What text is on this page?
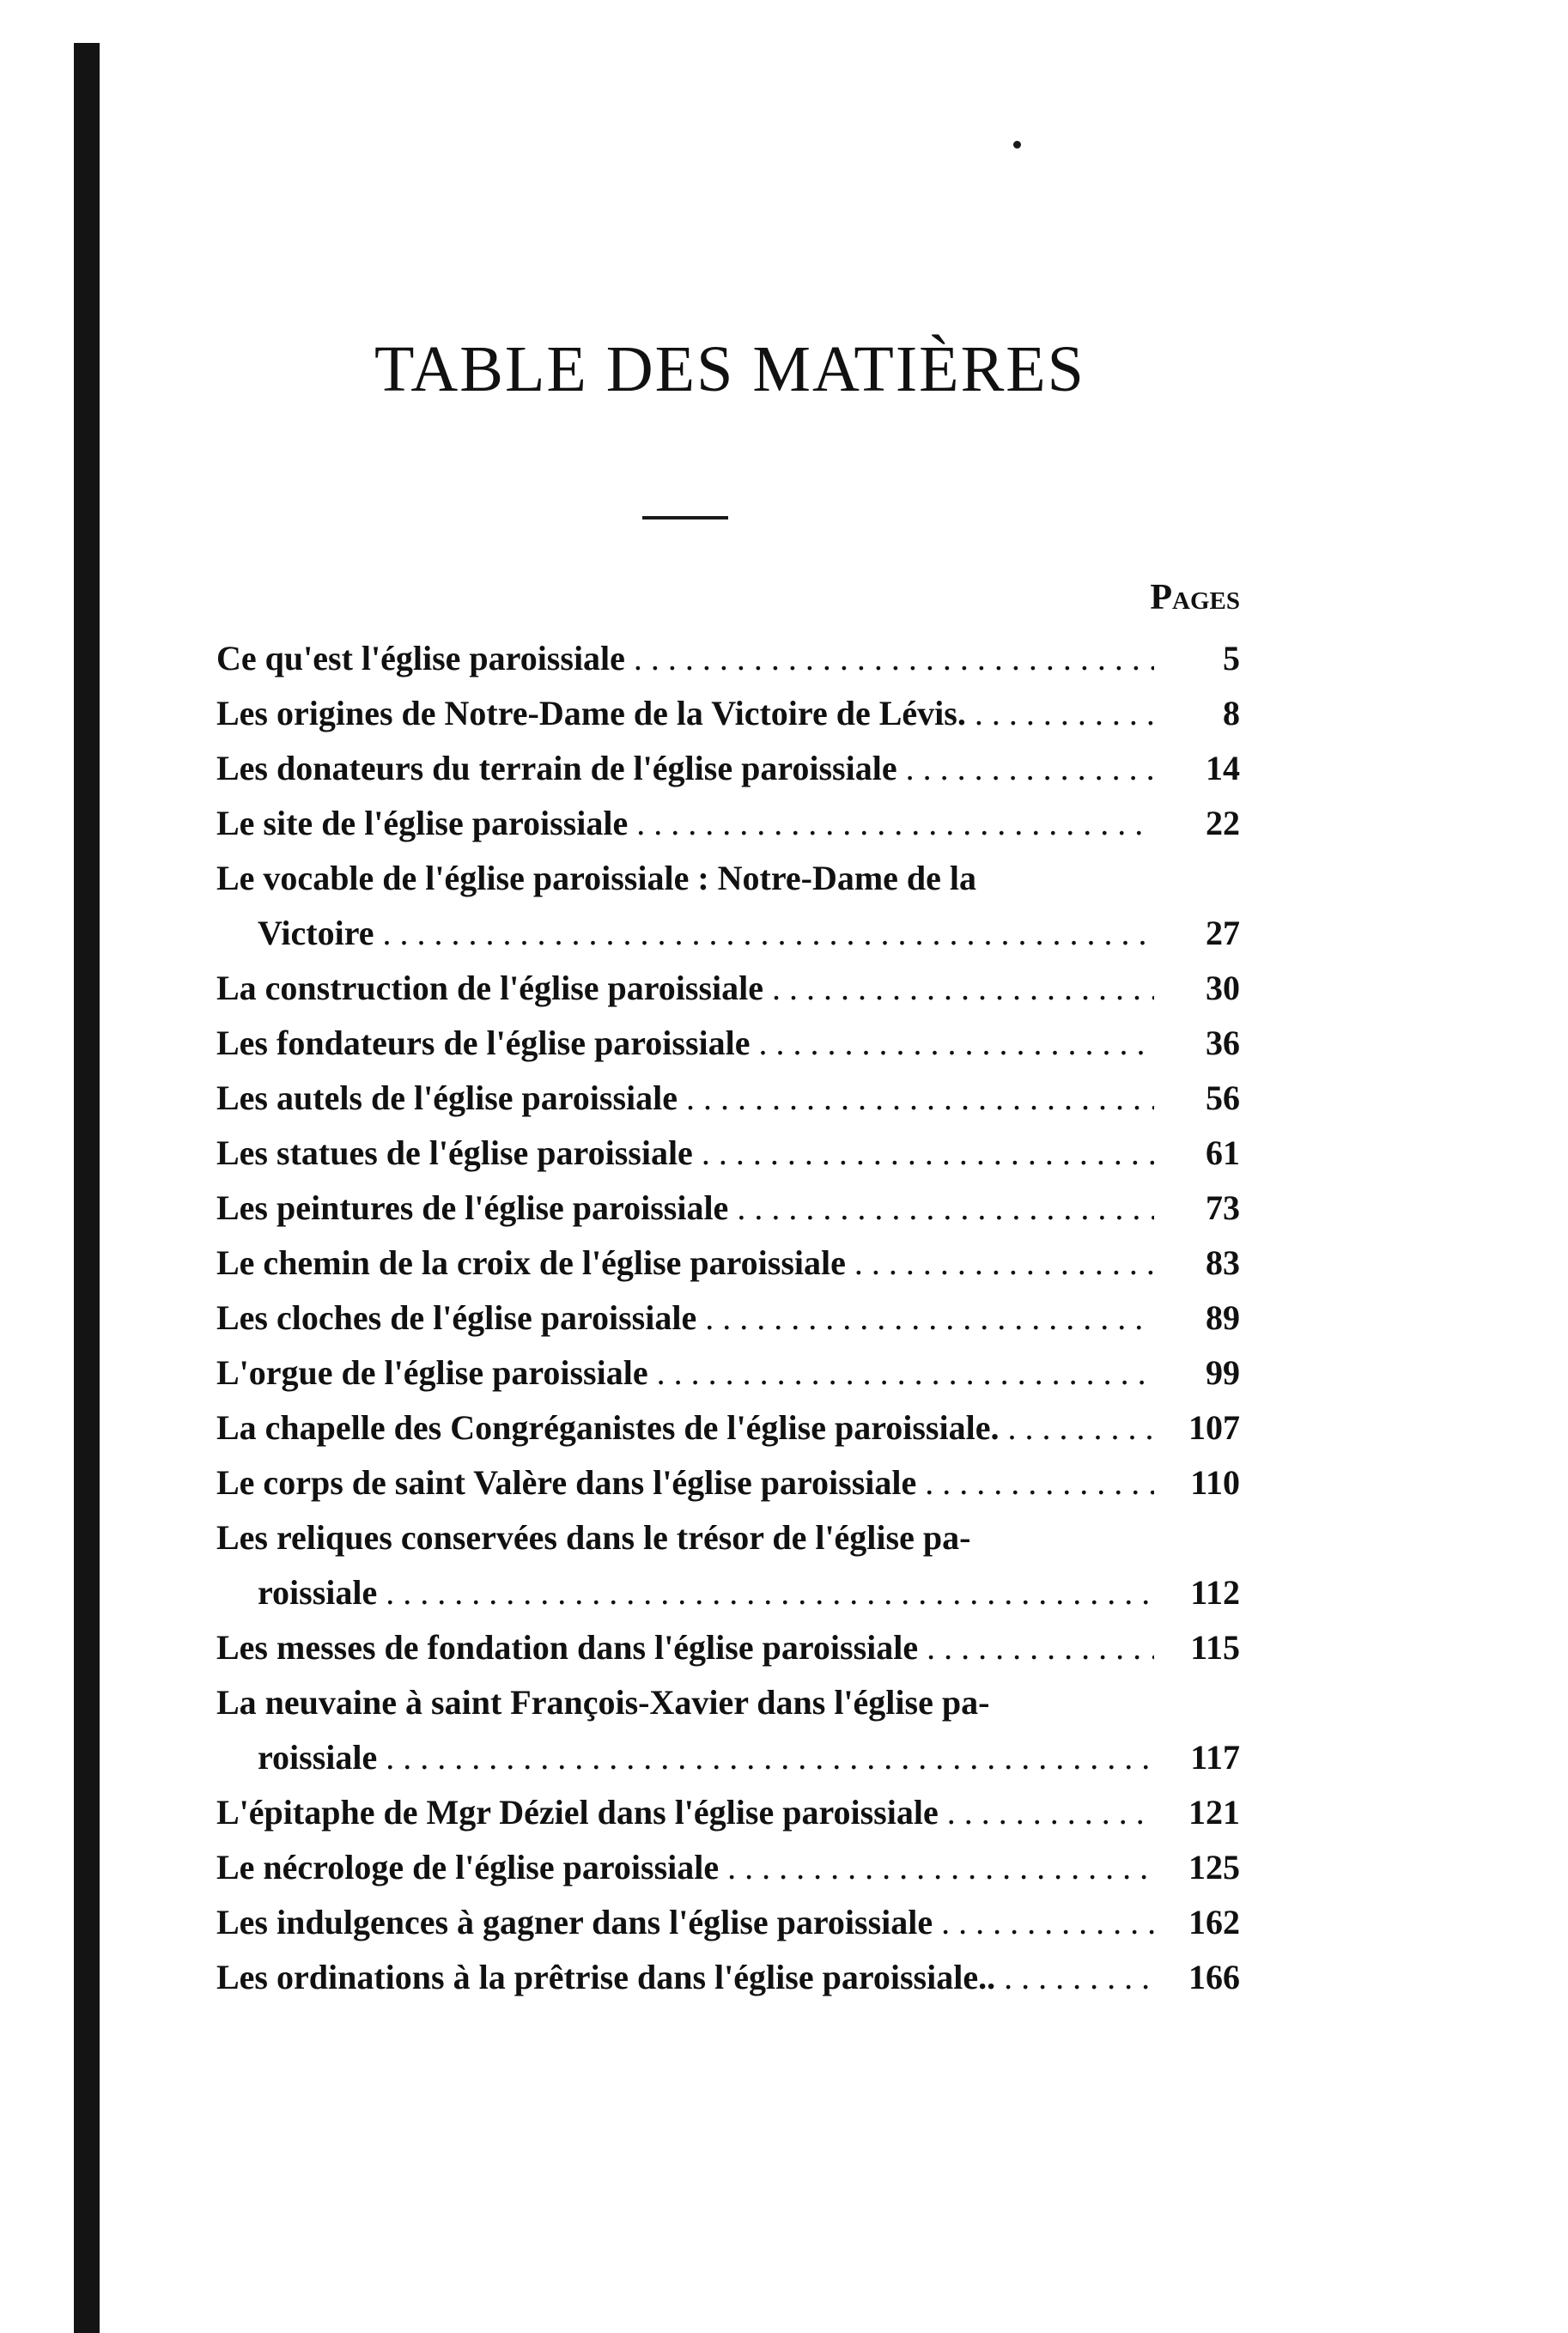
TABLE DES MATIÈRES
Pages
Ce qu'est l'église paroissiale . . .	5
Les origines de Notre-Dame de la Victoire de Lévis. . . .	8
Les donateurs du terrain de l'église paroissiale . . .	14
Le site de l'église paroissiale . . .	22
Le vocable de l'église paroissiale : Notre-Dame de la
Victoire . . .	27
La construction de l'église paroissiale . . .	30
Les fondateurs de l'église paroissiale . . .	36
Les autels de l'église paroissiale . . .	56
Les statues de l'église paroissiale . . .	61
Les peintures de l'église paroissiale . . .	73
Le chemin de la croix de l'église paroissiale . . .	83
Les cloches de l'église paroissiale . . .	89
L'orgue de l'église paroissiale . . .	99
La chapelle des Congréganistes de l'église paroissiale. . . .	107
Le corps de saint Valère dans l'église paroissiale . . .	110
Les reliques conservées dans le trésor de l'église pa-
roissiale . . .	112
Les messes de fondation dans l'église paroissiale . . .	115
La neuvaine à saint François-Xavier dans l'église pa-
roissiale . . .	117
L'épitaphe de Mgr Déziel dans l'église paroissiale . . .	121
Le nécrologe de l'église paroissiale . . .	125
Les indulgences à gagner dans l'église paroissiale . . .	162
Les ordinations à la prêtrise dans l'église paroissiale.. . . .	166
